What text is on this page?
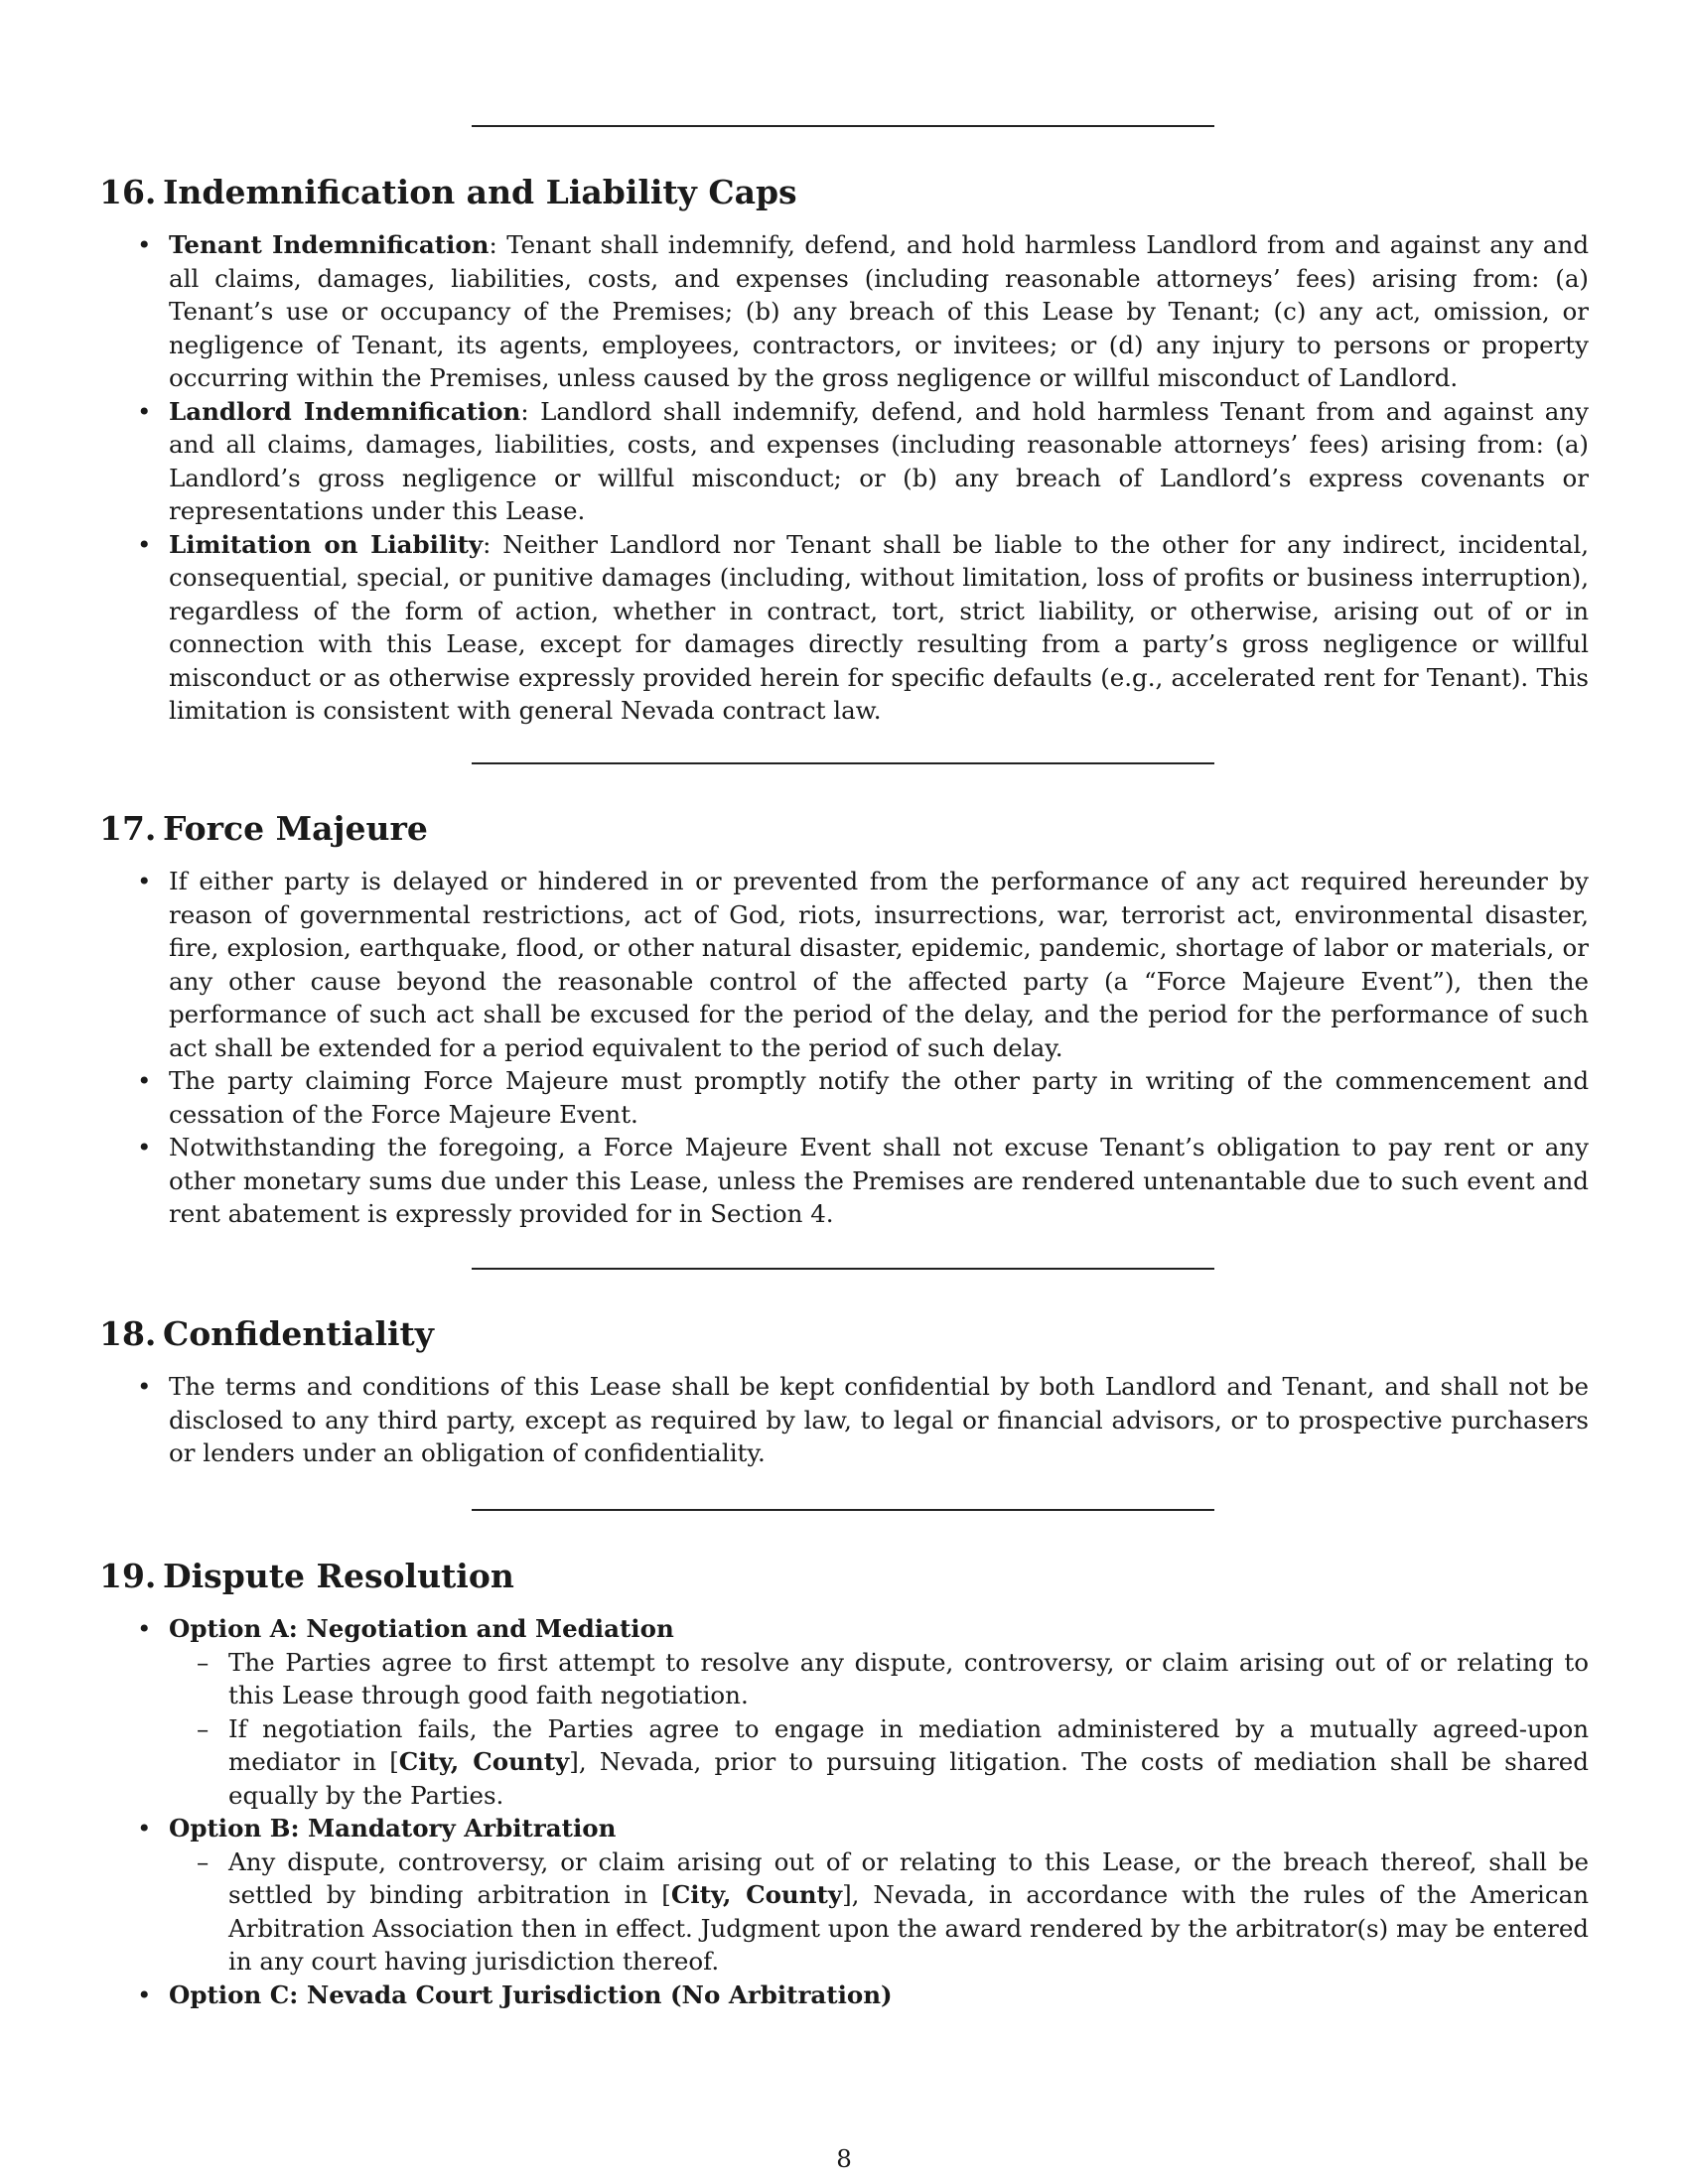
16. Indemnification and Liability Caps
• Tenant Indemnification: Tenant shall indemnify, defend, and hold harmless Landlord from and against any and all claims, damages, liabilities, costs, and expenses (including reasonable attorneys’ fees) arising from: (a) Tenant’s use or occupancy of the Premises; (b) any breach of this Lease by Tenant; (c) any act, omission, or negligence of Tenant, its agents, employees, contractors, or invitees; or (d) any injury to persons or property occurring within the Premises, unless caused by the gross negligence or willful misconduct of Landlord.
• Landlord Indemnification: Landlord shall indemnify, defend, and hold harmless Tenant from and against any and all claims, damages, liabilities, costs, and expenses (including reasonable attorneys’ fees) arising from: (a) Landlord’s gross negligence or willful misconduct; or (b) any breach of Landlord’s express covenants or representations under this Lease.
• Limitation on Liability: Neither Landlord nor Tenant shall be liable to the other for any indirect, incidental, consequential, special, or punitive damages (including, without limitation, loss of profits or business interruption), regardless of the form of action, whether in contract, tort, strict liability, or otherwise, arising out of or in connection with this Lease, except for damages directly resulting from a party’s gross negligence or willful misconduct or as otherwise expressly provided herein for specific defaults (e.g., accelerated rent for Tenant). This limitation is consistent with general Nevada contract law.
17. Force Majeure
• If either party is delayed or hindered in or prevented from the performance of any act required hereunder by reason of governmental restrictions, act of God, riots, insurrections, war, terrorist act, environmental disaster, fire, explosion, earthquake, flood, or other natural disaster, epidemic, pandemic, shortage of labor or materials, or any other cause beyond the reasonable control of the affected party (a “Force Majeure Event”), then the performance of such act shall be excused for the period of the delay, and the period for the performance of such act shall be extended for a period equivalent to the period of such delay.
• The party claiming Force Majeure must promptly notify the other party in writing of the commencement and cessation of the Force Majeure Event.
• Notwithstanding the foregoing, a Force Majeure Event shall not excuse Tenant’s obligation to pay rent or any other monetary sums due under this Lease, unless the Premises are rendered untenantable due to such event and rent abatement is expressly provided for in Section 4.
18. Confidentiality
• The terms and conditions of this Lease shall be kept confidential by both Landlord and Tenant, and shall not be disclosed to any third party, except as required by law, to legal or financial advisors, or to prospective purchasers or lenders under an obligation of confidentiality.
19. Dispute Resolution
• Option A: Negotiation and Mediation
– The Parties agree to first attempt to resolve any dispute, controversy, or claim arising out of or relating to this Lease through good faith negotiation.
– If negotiation fails, the Parties agree to engage in mediation administered by a mutually agreed-upon mediator in [City, County], Nevada, prior to pursuing litigation. The costs of mediation shall be shared equally by the Parties.
• Option B: Mandatory Arbitration
– Any dispute, controversy, or claim arising out of or relating to this Lease, or the breach thereof, shall be settled by binding arbitration in [City, County], Nevada, in accordance with the rules of the American Arbitration Association then in effect. Judgment upon the award rendered by the arbitrator(s) may be entered in any court having jurisdiction thereof.
• Option C: Nevada Court Jurisdiction (No Arbitration)
8
